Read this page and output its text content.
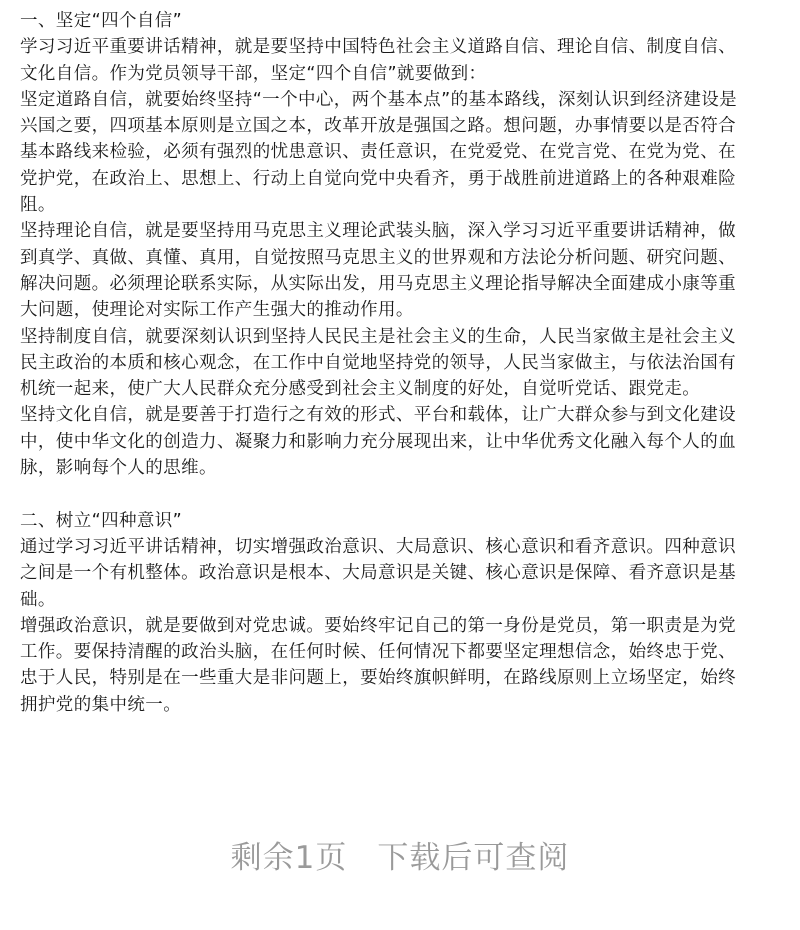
一、坚定“四个自信”
学习习近平重要讲话精神，就是要坚持中国特色社会主义道路自信、理论自信、制度自信、
文化自信。作为党员领导干部，坚定“四个自信”就要做到：
坚定道路自信，就要始终坚持“一个中心，两个基本点”的基本路线，深刻认识到经济建设是
兴国之要，四项基本原则是立国之本，改革开放是强国之路。想问题，办事情要以是否符合
基本路线来检验，必须有强烈的忧患意识、责任意识，在党爱党、在党言党、在党为党、在
党护党，在政治上、思想上、行动上自觉向党中央看齐，勇于战胜前进道路上的各种艰难险
阻。
坚持理论自信，就是要坚持用马克思主义理论武装头脑，深入学习习近平重要讲话精神，做
到真学、真做、真懂、真用，自觉按照马克思主义的世界观和方法论分析问题、研究问题、
解决问题。必须理论联系实际，从实际出发，用马克思主义理论指导解决全面建成小康等重
大问题，使理论对实际工作产生强大的推动作用。
坚持制度自信，就要深刻认识到坚持人民民主是社会主义的生命，人民当家做主是社会主义
民主政治的本质和核心观念，在工作中自觉地坚持党的领导，人民当家做主，与依法治国有
机统一起来，使广大人民群众充分感受到社会主义制度的好处，自觉听党话、跟党走。
坚持文化自信，就是要善于打造行之有效的形式、平台和载体，让广大群众参与到文化建设
中，使中华文化的创造力、凝聚力和影响力充分展现出来，让中华优秀文化融入每个人的血
脉，影响每个人的思维。
二、树立“四种意识”
通过学习习近平讲话精神，切实增强政治意识、大局意识、核心意识和看齐意识。四种意识
之间是一个有机整体。政治意识是根本、大局意识是关键、核心意识是保障、看齐意识是基
础。
增强政治意识，就是要做到对党忠诚。要始终牢记自己的第一身份是党员，第一职责是为党
工作。要保持清醒的政治头脑，在任何时候、任何情况下都要坚定理想信念，始终忠于党、
忠于人民，特别是在一些重大是非问题上，要始终旗帜鲜明，在路线原则上立场坚定，始终
拥护党的集中统一。
剩余1页 下载后可查阅
